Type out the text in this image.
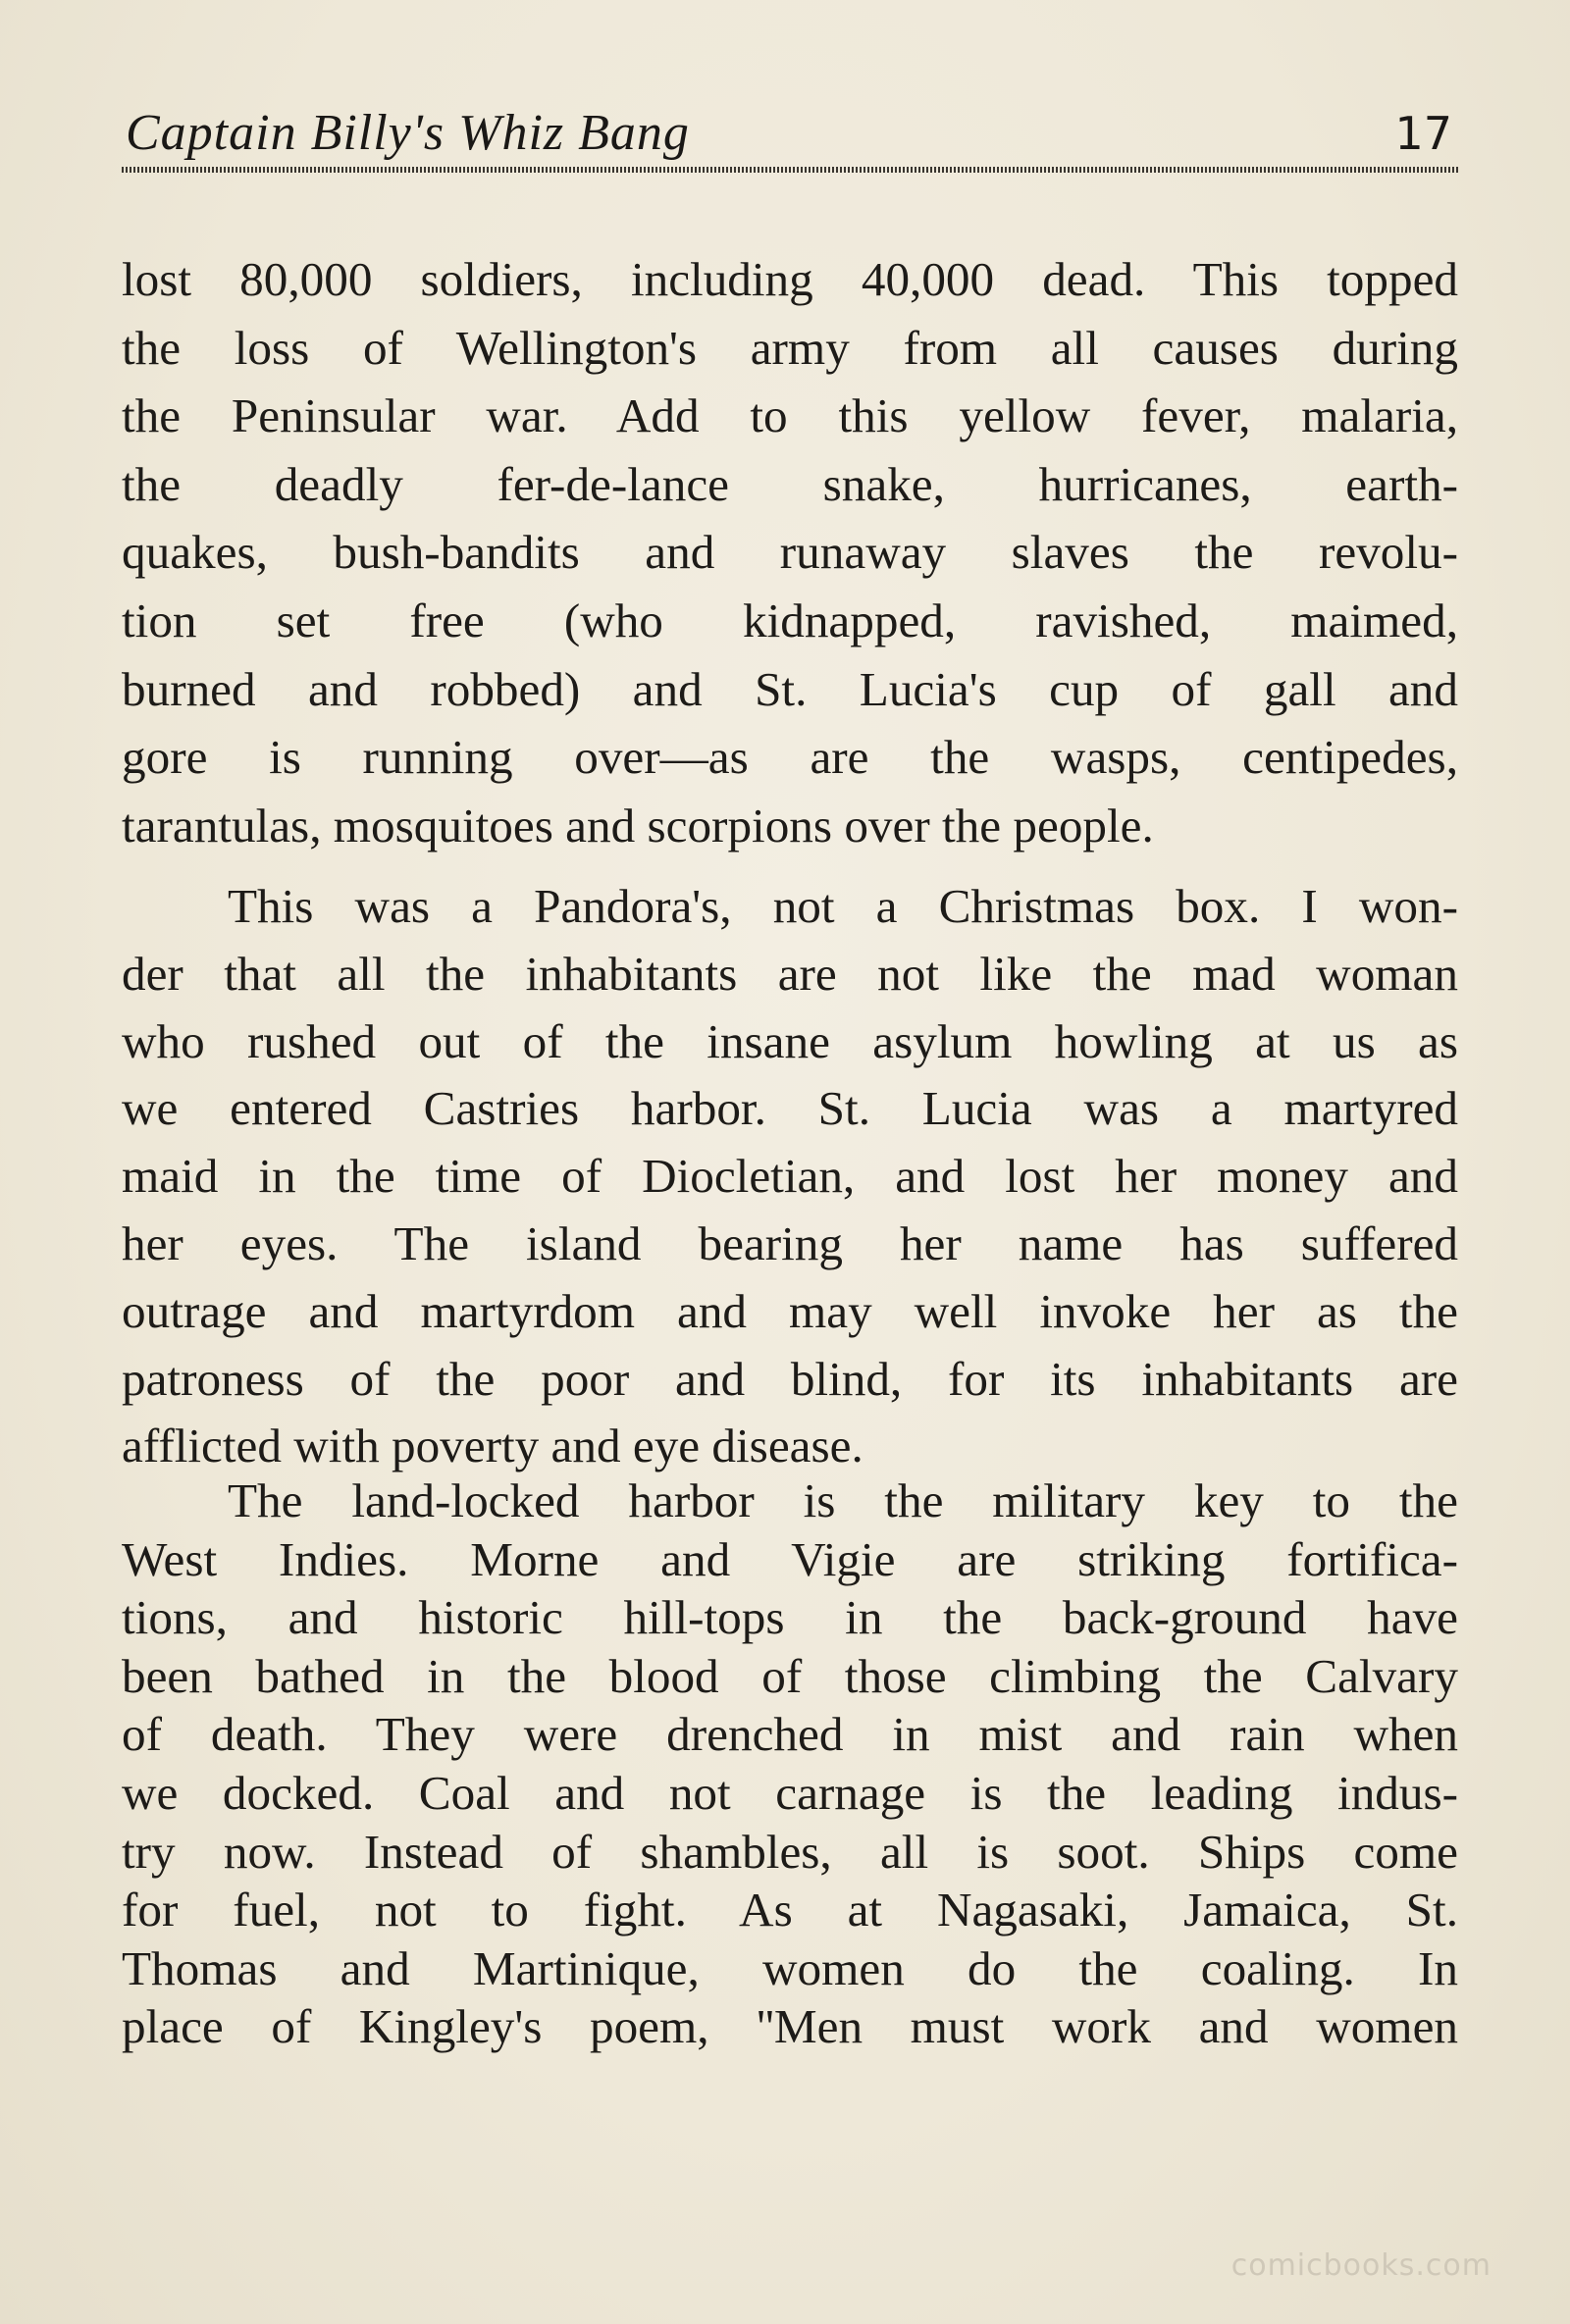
Captain Billy's Whiz Bang	17
lost 80,000 soldiers, including 40,000 dead. This topped
the loss of Wellington's army from all causes during
the Peninsular war. Add to this yellow fever, malaria,
the deadly fer-de-lance snake, hurricanes, earth-
quakes, bush-bandits and runaway slaves the revolu-
tion set free (who kidnapped, ravished, maimed,
burned and robbed) and St. Lucia's cup of gall and
gore is running over—as are the wasps, centipedes,
tarantulas, mosquitoes and scorpions over the people.
This was a Pandora's, not a Christmas box. I won-
der that all the inhabitants are not like the mad woman
who rushed out of the insane asylum howling at us as
we entered Castries harbor. St. Lucia was a martyred
maid in the time of Diocletian, and lost her money and
her eyes. The island bearing her name has suffered
outrage and martyrdom and may well invoke her as the
patroness of the poor and blind, for its inhabitants are
afflicted with poverty and eye disease.
The land-locked harbor is the military key to the
West Indies. Morne and Vigie are striking fortifica-
tions, and historic hill-tops in the back-ground have
been bathed in the blood of those climbing the Calvary
of death. They were drenched in mist and rain when
we docked. Coal and not carnage is the leading indus-
try now. Instead of shambles, all is soot. Ships come
for fuel, not to fight. As at Nagasaki, Jamaica, St.
Thomas and Martinique, women do the coaling. In
place of Kingley's poem, ''Men must work and women
comicbooks.com
